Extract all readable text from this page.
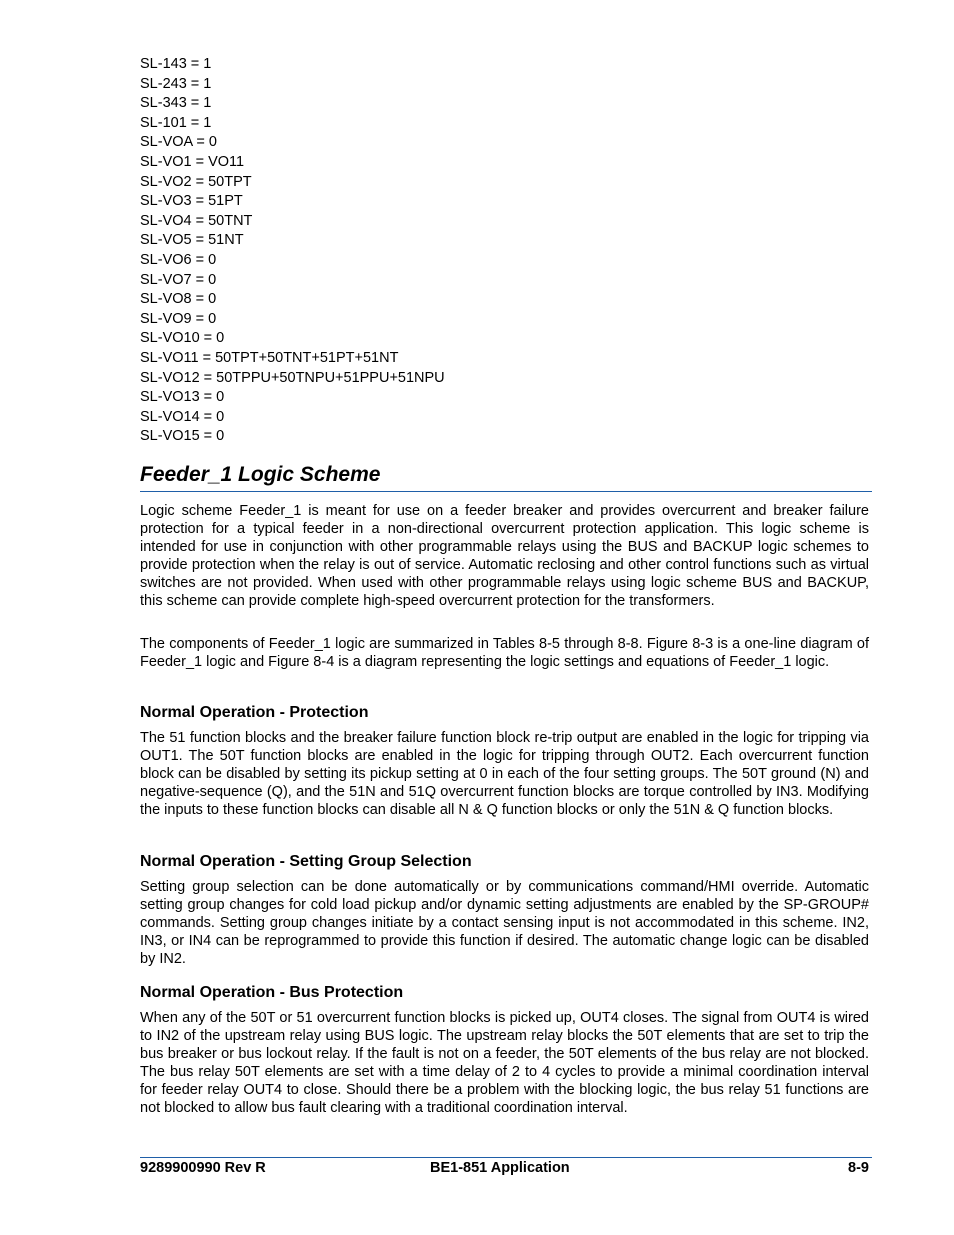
SL-143 = 1
SL-243 = 1
SL-343 = 1
SL-101 = 1
SL-VOA = 0
SL-VO1 = VO11
SL-VO2 = 50TPT
SL-VO3 = 51PT
SL-VO4 = 50TNT
SL-VO5 = 51NT
SL-VO6 = 0
SL-VO7 = 0
SL-VO8 = 0
SL-VO9 = 0
SL-VO10 = 0
SL-VO11 = 50TPT+50TNT+51PT+51NT
SL-VO12 = 50TPPU+50TNPU+51PPU+51NPU
SL-VO13 = 0
SL-VO14 = 0
SL-VO15 = 0
Feeder_1 Logic Scheme

Logic scheme Feeder_1 is meant for use on a feeder breaker and provides overcurrent and breaker failure protection for a typical feeder in a non-directional overcurrent protection application. This logic scheme is intended for use in conjunction with other programmable relays using the BUS and BACKUP logic schemes to provide protection when the relay is out of service. Automatic reclosing and other control functions such as virtual switches are not provided. When used with other programmable relays using logic scheme BUS and BACKUP, this scheme can provide complete high-speed overcurrent protection for the transformers.

The components of Feeder_1 logic are summarized in Tables 8-5 through 8-8. Figure 8-3 is a one-line diagram of Feeder_1 logic and Figure 8-4 is a diagram representing the logic settings and equations of Feeder_1 logic.

Normal Operation - Protection

The 51 function blocks and the breaker failure function block re-trip output are enabled in the logic for tripping via OUT1. The 50T function blocks are enabled in the logic for tripping through OUT2. Each overcurrent function block can be disabled by setting its pickup setting at 0 in each of the four setting groups. The 50T ground (N) and negative-sequence (Q), and the 51N and 51Q overcurrent function blocks are torque controlled by IN3. Modifying the inputs to these function blocks can disable all N & Q function blocks or only the 51N & Q function blocks.

Normal Operation - Setting Group Selection

Setting group selection can be done automatically or by communications command/HMI override. Automatic setting group changes for cold load pickup and/or dynamic setting adjustments are enabled by the SP-GROUP# commands. Setting group changes initiate by a contact sensing input is not accommodated in this scheme. IN2, IN3, or IN4 can be reprogrammed to provide this function if desired. The automatic change logic can be disabled by IN2.

Normal Operation - Bus Protection

When any of the 50T or 51 overcurrent function blocks is picked up, OUT4 closes. The signal from OUT4 is wired to IN2 of the upstream relay using BUS logic. The upstream relay blocks the 50T elements that are set to trip the bus breaker or bus lockout relay. If the fault is not on a feeder, the 50T elements of the bus relay are not blocked. The bus relay 50T elements are set with a time delay of 2 to 4 cycles to provide a minimal coordination interval for feeder relay OUT4 to close. Should there be a problem with the blocking logic, the bus relay 51 functions are not blocked to allow bus fault clearing with a traditional coordination interval.

9289900990 Rev R	BE1-851 Application	8-9
